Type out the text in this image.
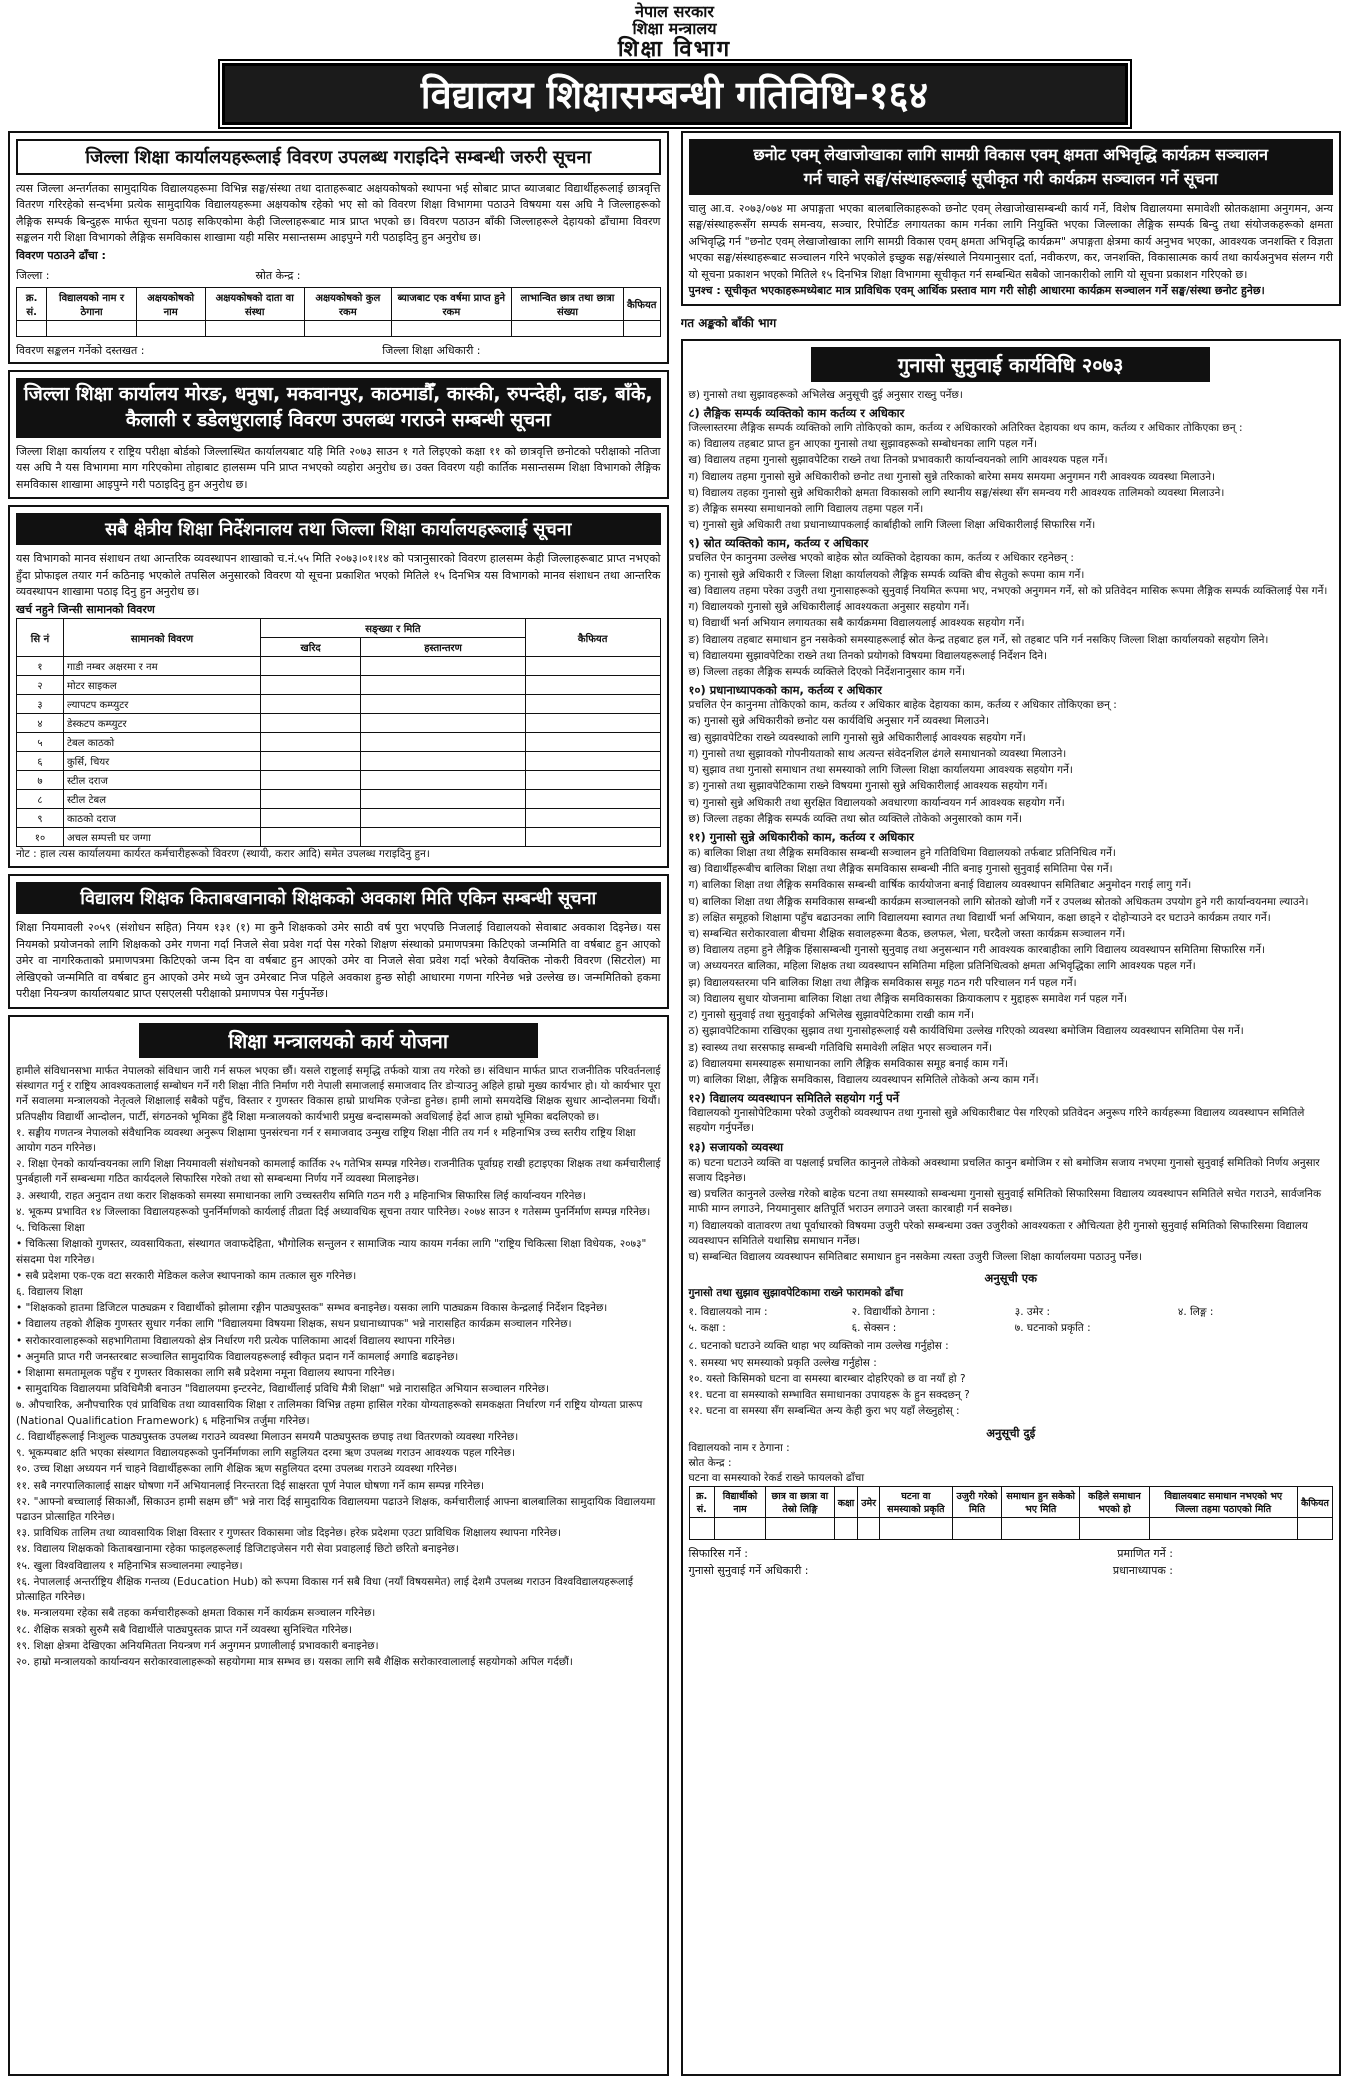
नेपाल सरकार
शिक्षा मन्त्रालय
शिक्षा विभाग
विद्यालय शिक्षासम्बन्धी गतिविधि-१६४
जिल्ला शिक्षा कार्यालयहरूलाई विवरण उपलब्ध गराइदिने सम्बन्धी जरुरी सूचना
त्यस जिल्ला अन्तर्गतका सामुदायिक विद्यालयहरूमा विभिन्न सङ्घ/संस्था तथा दाताहरूबाट अक्षयकोषको स्थापना भई सोबाट प्राप्त ब्याजबाट विद्यार्थीहरूलाई छात्रवृत्ति वितरण गरिरहेको सन्दर्भमा प्रत्येक सामुदायिक विद्यालयहरूमा अक्षयकोष रहेको भए सो को विवरण शिक्षा विभागमा पठाउने विषयमा यस अघि नै जिल्लाहरूको लैङ्गिक सम्पर्क बिन्दुहरू मार्फत सूचना पठाइ सकिएकोमा केही जिल्लाहरूबाट मात्र प्राप्त भएको छ। विवरण पठाउन बाँकी जिल्लाहरूले देहायको ढाँचामा विवरण सङ्कलन गरी शिक्षा विभागको लैङ्गिक समविकास शाखामा यही मसिर मसान्तसम्म आइपुग्ने गरी पठाइदिनु हुन अनुरोध छ।
विवरण पठाउने ढाँचा :
जिल्ला :	स्रोत केन्द्र :
क्र. सं.	विद्यालयको नाम र ठेगाना	अक्षयकोषको नाम	अक्षयकोषको दाता वा संस्था	अक्षयकोषको कुल रकम	ब्याजबाट एक वर्षमा प्राप्त हुने रकम	लाभान्वित छात्र तथा छात्रा संख्या	कैफियत

विवरण सङ्कलन गर्नेको दस्तखत :	जिल्ला शिक्षा अधिकारी :
जिल्ला शिक्षा कार्यालय मोरङ, धनुषा, मकवानपुर, काठमाडौँ, कास्की, रुपन्देही, दाङ, बाँके, कैलाली र डडेलधुरालाई विवरण उपलब्ध गराउने सम्बन्धी सूचना
जिल्ला शिक्षा कार्यालय र राष्ट्रिय परीक्षा बोर्डको जिल्लास्थित कार्यालयबाट यहि मिति २०७३ साउन १ गते लिइएको कक्षा ११ को छात्रवृत्ति छनोटको परीक्षाको नतिजा यस अघि नै यस विभागमा माग गरिएकोमा तोहाबाट हालसम्म पनि प्राप्त नभएको व्यहोरा अनुरोध छ। उक्त विवरण यही कार्तिक मसान्तसम्म शिक्षा विभागको लैङ्गिक समविकास शाखामा आइपुग्ने गरी पठाइदिनु हुन अनुरोध छ।
सबै क्षेत्रीय शिक्षा निर्देशनालय तथा जिल्ला शिक्षा कार्यालयहरूलाई सूचना
यस विभागको मानव संशाधन तथा आन्तरिक व्यवस्थापन शाखाको च.नं.५५ मिति २०७३।०१।१४ को पत्रानुसारको विवरण हालसम्म केही जिल्लाहरूबाट प्राप्त नभएको हुँदा प्रोफाइल तयार गर्न कठिनाइ भएकोले तपसिल अनुसारको विवरण यो सूचना प्रकाशित भएको मितिले १५ दिनभित्र यस विभागको मानव संशाधन तथा आन्तरिक व्यवस्थापन शाखामा पठाइ दिनु हुन अनुरोध छ।
खर्च नहुने जिन्सी सामानको विवरण
सि नं	सामानको विवरण	सङ्ख्या र मिति		कैफियत
		खरिद	हस्तान्तरण	
१	गाडी नम्बर अक्षरमा र नम			
२	मोटर साइकल			
३	ल्यापटप कम्प्युटर			
४	डेस्कटप कम्प्युटर			
५	टेबल काठको			
६	कुर्सि, चियर			
७	स्टील दराज			
८	स्टील टेबल			
९	काठको दराज			
१०	अचल सम्पत्ती घर जग्गा			
नोट : हाल त्यस कार्यालयमा कार्यरत कर्मचारीहरूको विवरण (स्थायी, करार आदि) समेत उपलब्ध गराइदिनु हुन।
विद्यालय शिक्षक किताबखानाको शिक्षकको अवकाश मिति एकिन सम्बन्धी सूचना
शिक्षा नियमावली २०५९ (संशोधन सहित) नियम १३१ (१) मा कुनै शिक्षकको उमेर साठी वर्ष पुरा भएपछि निजलाई विद्यालयको सेवाबाट अवकाश दिइनेछ। यस नियमको प्रयोजनको लागि शिक्षकको उमेर गणना गर्दा निजले सेवा प्रवेश गर्दा पेस गरेको शिक्षण संस्थाको प्रमाणपत्रमा किटिएको जन्ममिति वा वर्षबाट हुन आएको उमेर वा नागरिकताको प्रमाणपत्रमा किटिएको जन्म दिन वा वर्षबाट हुन आएको उमेर वा निजले सेवा प्रवेश गर्दा भरेको वैयक्तिक नोकरी विवरण (सिटरोल) मा लेखिएको जन्ममिति वा वर्षबाट हुन आएको उमेर मध्ये जुन उमेरबाट निज पहिले अवकाश हुन्छ सोही आधारमा गणना गरिनेछ भन्ने उल्लेख छ। जन्ममितिको हकमा परीक्षा नियन्त्रण कार्यालयबाट प्राप्त एसएलसी परीक्षाको प्रमाणपत्र पेस गर्नुपर्नेछ।
शिक्षा मन्त्रालयको कार्य योजना
हामीले संविधानसभा मार्फत नेपालको संविधान जारी गर्न सफल भएका छौं। यसले राष्ट्रलाई समृद्धि तर्फको यात्रा तय गरेको छ। संविधान मार्फत प्राप्त राजनीतिक परिवर्तनलाई संस्थागत गर्नु र राष्ट्रिय आवश्यकतालाई सम्बोधन गर्ने गरी शिक्षा नीति निर्माण गरी नेपाली समाजलाई समाजवाद तिर डोऱ्याउनु अहिले हाम्रो मुख्य कार्यभार हो। यो कार्यभार पूरा गर्ने सवालमा मन्त्रालयको नेतृत्वले शिक्षालाई सबैको पहुँच, विस्तार र गुणस्तर विकास हाम्रो प्राथमिक एजेन्डा हुनेछ। हामी लामो समयदेखि शिक्षक सुधार आन्दोलनमा थियौं। प्रतिपक्षीय विद्यार्थी आन्दोलन, पार्टी, संगठनको भूमिका हुँदै शिक्षा मन्त्रालयको कार्यभारी प्रमुख बन्दासम्मको अवधिलाई हेर्दा आज हाम्रो भूमिका बदलिएको छ।
१. सङ्घीय गणतन्त्र नेपालको संवैधानिक व्यवस्था अनुरूप शिक्षामा पुनसंरचना गर्न र समाजवाद उन्मुख राष्ट्रिय शिक्षा नीति तय गर्न १ महिनाभित्र उच्च स्तरीय राष्ट्रिय शिक्षा आयोग गठन गरिनेछ।
२. शिक्षा ऐनको कार्यान्वयनका लागि शिक्षा नियमावली संशोधनको कामलाई कार्तिक २५ गतेभित्र सम्पन्न गरिनेछ। राजनीतिक पूर्वाग्रह राखी हटाइएका शिक्षक तथा कर्मचारीलाई पुनर्बहाली गर्ने सम्बन्धमा गठित कार्यदलले सिफारिस गरेको तथा सो सम्बन्धमा निर्णय गर्ने व्यवस्था मिलाइनेछ।
३. अस्थायी, राहत अनुदान तथा करार शिक्षकको समस्या समाधानका लागि उच्चस्तरीय समिति गठन गरी ३ महिनाभित्र सिफारिस लिई कार्यान्वयन गरिनेछ।
४. भूकम्प प्रभावित १४ जिल्लाका विद्यालयहरूको पुनर्निर्माणको कार्यलाई तीव्रता दिई अध्यावधिक सूचना तयार पारिनेछ। २०७४ साउन १ गतेसम्म पुनर्निर्माण सम्पन्न गरिनेछ।
५. चिकित्सा शिक्षा
• चिकित्सा शिक्षाको गुणस्तर, व्यवसायिकता, संस्थागत जवाफदेहिता, भौगोलिक सन्तुलन र सामाजिक न्याय कायम गर्नका लागि "राष्ट्रिय चिकित्सा शिक्षा विधेयक, २०७३" संसदमा पेश गरिनेछ।
• सबै प्रदेशमा एक-एक वटा सरकारी मेडिकल कलेज स्थापनाको काम तत्काल सुरु गरिनेछ।
६. विद्यालय शिक्षा
• "शिक्षकको हातमा डिजिटल पाठ्यक्रम र विद्यार्थीको झोलामा रङ्गीन पाठ्यपुस्तक" सम्भव बनाइनेछ। यसका लागि पाठ्यक्रम विकास केन्द्रलाई निर्देशन दिइनेछ।
• विद्यालय तहको शैक्षिक गुणस्तर सुधार गर्नका लागि "विद्यालयमा विषयमा शिक्षक, सधन प्रधानाध्यापक" भन्ने नारासहित कार्यक्रम सञ्चालन गरिनेछ।
• सरोकारवालाहरूको सहभागितामा विद्यालयको क्षेत्र निर्धारण गरी प्रत्येक पालिकामा आदर्श विद्यालय स्थापना गरिनेछ।
• अनुमति प्राप्त गरी जनस्तरबाट सञ्चालित सामुदायिक विद्यालयहरूलाई स्वीकृत प्रदान गर्ने कामलाई अगाडि बढाइनेछ।
• शिक्षामा समतामूलक पहुँच र गुणस्तर विकासका लागि सबै प्रदेशमा नमूना विद्यालय स्थापना गरिनेछ।
• सामुदायिक विद्यालयमा प्रविधिमैत्री बनाउन "विद्यालयमा इन्टरनेट, विद्यार्थीलाई प्रविधि मैत्री शिक्षा" भन्ने नारासहित अभियान सञ्चालन गरिनेछ।
७. औपचारिक, अनौपचारिक एवं प्राविधिक तथा व्यावसायिक शिक्षा र तालिमका विभिन्न तहमा हासिल गरेका योग्यताहरूको समकक्षता निर्धारण गर्न राष्ट्रिय योग्यता प्रारूप (National Qualification Framework) ६ महिनाभित्र तर्जुमा गरिनेछ।
८. विद्यार्थीहरूलाई निःशुल्क पाठ्यपुस्तक उपलब्ध गराउने व्यवस्था मिलाउन समयमै पाठ्यपुस्तक छपाइ तथा वितरणको व्यवस्था गरिनेछ।
९. भूकम्पबाट क्षति भएका संस्थागत विद्यालयहरूको पुनर्निर्माणका लागि सहुलियत दरमा ऋण उपलब्ध गराउन आवश्यक पहल गरिनेछ।
१०. उच्च शिक्षा अध्ययन गर्न चाहने विद्यार्थीहरूका लागि शैक्षिक ऋण सहुलियत दरमा उपलब्ध गराउने व्यवस्था गरिनेछ।
११. सबै नगरपालिकालाई साक्षर घोषणा गर्ने अभियानलाई निरन्तरता दिई साक्षरता पूर्ण नेपाल घोषणा गर्ने काम सम्पन्न गरिनेछ।
१२. "आफ्नो बच्चालाई सिकाऔं, सिकाउन हामी सक्षम छौं" भन्ने नारा दिई सामुदायिक विद्यालयमा पढाउने शिक्षक, कर्मचारीलाई आफ्ना बालबालिका सामुदायिक विद्यालयमा पढाउन प्रोत्साहित गरिनेछ।
१३. प्राविधिक तालिम तथा व्यावसायिक शिक्षा विस्तार र गुणस्तर विकासमा जोड दिइनेछ। हरेक प्रदेशमा एउटा प्राविधिक शिक्षालय स्थापना गरिनेछ।
१४. विद्यालय शिक्षकको किताबखानामा रहेका फाइलहरूलाई डिजिटाइजेसन गरी सेवा प्रवाहलाई छिटो छरितो बनाइनेछ।
१५. खुला विश्वविद्यालय १ महिनाभित्र सञ्चालनमा ल्याइनेछ।
१६. नेपाललाई अन्तर्राष्ट्रिय शैक्षिक गन्तव्य (Education Hub) को रूपमा विकास गर्न सबै विधा (नयाँ विषयसमेत) लाई देशमै उपलब्ध गराउन विश्वविद्यालयहरूलाई प्रोत्साहित गरिनेछ।
१७. मन्त्रालयमा रहेका सबै तहका कर्मचारीहरूको क्षमता विकास गर्ने कार्यक्रम सञ्चालन गरिनेछ।
१८. शैक्षिक सत्रको सुरुमै सबै विद्यार्थीले पाठ्यपुस्तक प्राप्त गर्ने व्यवस्था सुनिश्चित गरिनेछ।
१९. शिक्षा क्षेत्रमा देखिएका अनियमितता नियन्त्रण गर्न अनुगमन प्रणालीलाई प्रभावकारी बनाइनेछ।
२०. हाम्रो मन्त्रालयको कार्यान्वयन सरोकारवालाहरूको सहयोगमा मात्र सम्भव छ। यसका लागि सबै शैक्षिक सरोकारवालालाई सहयोगको अपिल गर्दछौं।
छनोट एवम् लेखाजोखाका लागि सामग्री विकास एवम् क्षमता अभिवृद्धि कार्यक्रम सञ्चालन
गर्न चाहने सङ्घ/संस्थाहरूलाई सूचीकृत गरी कार्यक्रम सञ्चालन गर्ने सूचना
चालु आ.व. २०७३/०७४ मा अपाङ्गता भएका बालबालिकाहरूको छनोट एवम् लेखाजोखासम्बन्धी कार्य गर्ने, विशेष विद्यालयमा समावेशी स्रोतकक्षामा अनुगमन, अन्य सङ्घ/संस्थाहरूसँग सम्पर्क समन्वय, सञ्चार, रिपोर्टिङ लगायतका काम गर्नका लागि नियुक्ति भएका जिल्लाका लैङ्गिक सम्पर्क बिन्दु तथा संयोजकहरूको क्षमता अभिवृद्धि गर्न "छनोट एवम् लेखाजोखाका लागि सामग्री विकास एवम् क्षमता अभिवृद्धि कार्यक्रम" अपाङ्गता क्षेत्रमा कार्य अनुभव भएका, आवश्यक जनशक्ति र विज्ञता भएका सङ्घ/संस्थाहरूबाट सञ्चालन गरिने भएकोले इच्छुक सङ्घ/संस्थाले नियमानुसार दर्ता, नवीकरण, कर, जनशक्ति, विकासात्मक कार्य तथा कार्यअनुभव संलग्न गरी यो सूचना प्रकाशन भएको मितिले १५ दिनभित्र शिक्षा विभागमा सूचीकृत गर्न सम्बन्धित सबैको जानकारीको लागि यो सूचना प्रकाशन गरिएको छ।
पुनश्च : सूचीकृत भएकाहरूमध्येबाट मात्र प्राविधिक एवम् आर्थिक प्रस्ताव माग गरी सोही आधारमा कार्यक्रम सञ्चालन गर्ने सङ्घ/संस्था छनोट हुनेछ।
गत अङ्कको बाँकी भाग
गुनासो सुनुवाई कार्यविधि २०७३
छ) गुनासो तथा सुझावहरूको अभिलेख अनुसूची दुई अनुसार राख्नु पर्नेछ।
८) लैङ्गिक सम्पर्क व्यक्तिको काम कर्तव्य र अधिकार
जिल्लास्तरमा लैङ्गिक सम्पर्क व्यक्तिको लागि तोकिएको काम, कर्तव्य र अधिकारको अतिरिक्त देहायका थप काम, कर्तव्य र अधिकार तोकिएका छन् :
क) विद्यालय तहबाट प्राप्त हुन आएका गुनासो तथा सुझावहरूको सम्बोधनका लागि पहल गर्ने।
ख) विद्यालय तहमा गुनासो सुझावपेटिका राख्ने तथा तिनको प्रभावकारी कार्यान्वयनको लागि आवश्यक पहल गर्ने।
ग) विद्यालय तहमा गुनासो सुन्ने अधिकारीको छनोट तथा गुनासो सुन्ने तरिकाको बारेमा समय समयमा अनुगमन गरी आवश्यक व्यवस्था मिलाउने।
घ) विद्यालय तहका गुनासो सुन्ने अधिकारीको क्षमता विकासको लागि स्थानीय सङ्घ/संस्था सँग समन्वय गरी आवश्यक तालिमको व्यवस्था मिलाउने।
ङ) लैङ्गिक समस्या समाधानको लागि विद्यालय तहमा पहल गर्ने।
च) गुनासो सुन्ने अधिकारी तथा प्रधानाध्यापकलाई कार्बाहीको लागि जिल्ला शिक्षा अधिकारीलाई सिफारिस गर्ने।
९) स्रोत व्यक्तिको काम, कर्तव्य र अधिकार
प्रचलित ऐन कानुनमा उल्लेख भएको बाहेक स्रोत व्यक्तिको देहायका काम, कर्तव्य र अधिकार रहनेछन् :
क) गुनासो सुन्ने अधिकारी र जिल्ला शिक्षा कार्यालयको लैङ्गिक सम्पर्क व्यक्ति बीच सेतुको रूपमा काम गर्ने।
ख) विद्यालय तहमा परेका उजुरी तथा गुनासाहरूको सुनुवाई नियमित रूपमा भए, नभएको अनुगमन गर्ने, सो को प्रतिवेदन मासिक रूपमा लैङ्गिक सम्पर्क व्यक्तिलाई पेस गर्ने।
ग) विद्यालयको गुनासो सुन्ने अधिकारीलाई आवश्यकता अनुसार सहयोग गर्ने।
घ) विद्यार्थी भर्ना अभियान लगायतका सबै कार्यक्रममा विद्यालयलाई आवश्यक सहयोग गर्ने।
ङ) विद्यालय तहबाट समाधान हुन नसकेको समस्याहरूलाई स्रोत केन्द्र तहबाट हल गर्ने, सो तहबाट पनि गर्न नसकिए जिल्ला शिक्षा कार्यालयको सहयोग लिने।
च) विद्यालयमा सुझावपेटिका राख्ने तथा तिनको प्रयोगको विषयमा विद्यालयहरूलाई निर्देशन दिने।
छ) जिल्ला तहका लैङ्गिक सम्पर्क व्यक्तिले दिएको निर्देशनानुसार काम गर्ने।
१०) प्रधानाध्यापकको काम, कर्तव्य र अधिकार
प्रचलित ऐन कानुनमा तोकिएको काम, कर्तव्य र अधिकार बाहेक देहायका काम, कर्तव्य र अधिकार तोकिएका छन् :
क) गुनासो सुन्ने अधिकारीको छनोट यस कार्यविधि अनुसार गर्ने व्यवस्था मिलाउने।
ख) सुझावपेटिका राख्ने व्यवस्थाको लागि गुनासो सुन्ने अधिकारीलाई आवश्यक सहयोग गर्ने।
ग) गुनासो तथा सुझावको गोपनीयताको साथ अत्यन्त संवेदनशिल ढंगले समाधानको व्यवस्था मिलाउने।
घ) सुझाव तथा गुनासो समाधान तथा समस्याको लागि जिल्ला शिक्षा कार्यालयमा आवश्यक सहयोग गर्ने।
ङ) गुनासो तथा सुझावपेटिकामा राख्ने विषयमा गुनासो सुन्ने अधिकारीलाई आवश्यक सहयोग गर्ने।
च) गुनासो सुन्ने अधिकारी तथा सुरक्षित विद्यालयको अवधारणा कार्यान्वयन गर्न आवश्यक सहयोग गर्ने।
छ) जिल्ला तहका लैङ्गिक सम्पर्क व्यक्ति तथा स्रोत व्यक्तिले तोकेको अनुसारको काम गर्ने।
११) गुनासो सुन्ने अधिकारीको काम, कर्तव्य र अधिकार
क) बालिका शिक्षा तथा लैङ्गिक समविकास सम्बन्धी सञ्चालन हुने गतिविधिमा विद्यालयको तर्फबाट प्रतिनिधित्व गर्ने।
ख) विद्यार्थीहरूबीच बालिका शिक्षा तथा लैङ्गिक समविकास सम्बन्धी नीति बनाइ गुनासो सुनुवाई समितिमा पेस गर्ने।
ग) बालिका शिक्षा तथा लैङ्गिक समविकास सम्बन्धी वार्षिक कार्ययोजना बनाई विद्यालय व्यवस्थापन समितिबाट अनुमोदन गराई लागु गर्ने।
घ) बालिका शिक्षा तथा लैङ्गिक समविकास सम्बन्धी कार्यक्रम सञ्चालनको लागि स्रोतको खोजी गर्ने र उपलब्ध स्रोतको अधिकतम उपयोग हुने गरी कार्यान्वयनमा ल्याउने।
ङ) लक्षित समूहको शिक्षामा पहुँच बढाउनका लागि विद्यालयमा स्वागत तथा विद्यार्थी भर्ना अभियान, कक्षा छाड्ने र दोहोऱ्याउने दर घटाउने कार्यक्रम तयार गर्ने।
च) सम्बन्धित सरोकारवाला बीचमा शैक्षिक सवालहरूमा बैठक, छलफल, भेला, घरदैलो जस्ता कार्यक्रम सञ्चालन गर्ने।
छ) विद्यालय तहमा हुने लैङ्गिक हिंसासम्बन्धी गुनासो सुनुवाइ तथा अनुसन्धान गरी आवश्यक कारबाहीका लागि विद्यालय व्यवस्थापन समितिमा सिफारिस गर्ने।
ज) अध्ययनरत बालिका, महिला शिक्षक तथा व्यवस्थापन समितिमा महिला प्रतिनिधित्वको क्षमता अभिवृद्धिका लागि आवश्यक पहल गर्ने।
झ) विद्यालयस्तरमा पनि बालिका शिक्षा तथा लैङ्गिक समविकास समूह गठन गरी परिचालन गर्न पहल गर्ने।
ञ) विद्यालय सुधार योजनामा बालिका शिक्षा तथा लैङ्गिक समविकासका क्रियाकलाप र मुद्दाहरू समावेश गर्न पहल गर्ने।
ट) गुनासो सुनुवाई तथा सुनुवाईको अभिलेख सुझावपेटिकामा राखी काम गर्ने।
ठ) सुझावपेटिकामा राखिएका सुझाव तथा गुनासोहरूलाई यसै कार्यविधिमा उल्लेख गरिएको व्यवस्था बमोजिम विद्यालय व्यवस्थापन समितिमा पेस गर्ने।
ड) स्वास्थ्य तथा सरसफाइ सम्बन्धी गतिविधि समावेशी लक्षित भएर सञ्चालन गर्ने।
ढ) विद्यालयमा समस्याहरू समाधानका लागि लैङ्गिक समविकास समूह बनाई काम गर्ने।
ण) बालिका शिक्षा, लैङ्गिक समविकास, विद्यालय व्यवस्थापन समितिले तोकेको अन्य काम गर्ने।
१२) विद्यालय व्यवस्थापन समितिले सहयोग गर्नु पर्ने
विद्यालयको गुनासोपेटिकामा परेको उजुरीको व्यवस्थापन तथा गुनासो सुन्ने अधिकारीबाट पेस गरिएको प्रतिवेदन अनुरूप गरिने कार्यहरूमा विद्यालय व्यवस्थापन समितिले सहयोग गर्नुपर्नेछ।
१३) सजायको व्यवस्था
क) घटना घटाउने व्यक्ति वा पक्षलाई प्रचलित कानुनले तोकेको अवस्थामा प्रचलित कानुन बमोजिम र सो बमोजिम सजाय नभएमा गुनासो सुनुवाई समितिको निर्णय अनुसार सजाय दिइनेछ।
ख) प्रचलित कानुनले उल्लेख गरेको बाहेक घटना तथा समस्याको सम्बन्धमा गुनासो सुनुवाई समितिको सिफारिसमा विद्यालय व्यवस्थापन समितिले सचेत गराउने, सार्वजनिक माफी माग्न लगाउने, नियमानुसार क्षतिपूर्ति भराउन लगाउने जस्ता कारबाही गर्न सक्नेछ।
ग) विद्यालयको वातावरण तथा पूर्वाधारको विषयमा उजुरी परेको सम्बन्धमा उक्त उजुरीको आवश्यकता र औचित्यता हेरी गुनासो सुनुवाई समितिको सिफारिसमा विद्यालय व्यवस्थापन समितिले यथासिघ्र समाधान गर्नेछ।
घ) सम्बन्धित विद्यालय व्यवस्थापन समितिबाट समाधान हुन नसकेमा त्यस्ता उजुरी जिल्ला शिक्षा कार्यालयमा पठाउनु पर्नेछ।
अनुसूची एक
गुनासो तथा सुझाव सुझावपेटिकामा राख्ने फारामको ढाँचा
१. विद्यालयको नाम :	२. विद्यार्थीको ठेगाना :	३. उमेर :	४. लिङ्ग :
५. कक्षा :	६. सेक्सन :	७. घटनाको प्रकृति :
८. घटनाको घटाउने व्यक्ति थाहा भए व्यक्तिको नाम उल्लेख गर्नुहोस :
९. समस्या भए समस्याको प्रकृति उल्लेख गर्नुहोस :
१०. यस्तो किसिमको घटना वा समस्या बारम्बार दोहरिएको छ वा नयाँ हो ?
११. घटना वा समस्याको सम्भावित समाधानका उपायहरू के हुन सक्दछन् ?
१२. घटना वा समस्या सँग सम्बन्धित अन्य केही कुरा भए यहाँ लेख्नुहोस् :
अनुसूची दुई
विद्यालयको नाम र ठेगाना :
स्रोत केन्द्र :
घटना वा समस्याको रेकर्ड राख्ने फायलको ढाँचा
क्र. सं.	विद्यार्थीको नाम	छात्र वा छात्रा वा तेस्रो लिङ्गि	कक्षा	उमेर	घटना वा समस्याको प्रकृति	उजुरी गरेको मिति	समाधान हुन सकेको भए मिति	कहिले समाधान भएको हो	विद्यालयबाट समाधान नभएको भए जिल्ला तहमा पठाएको मिति	कैफियत

सिफारिस गर्ने :	प्रमाणित गर्ने :
गुनासो सुनुवाई गर्ने अधिकारी :	प्रधानाध्यापक :
